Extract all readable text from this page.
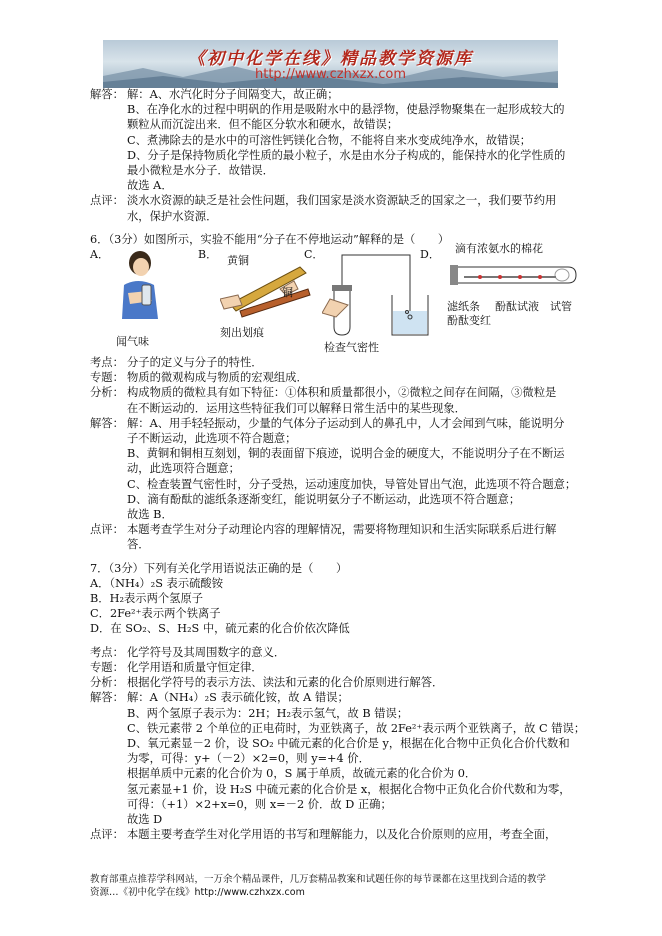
《初中化学在线》精品教学资源库
http://www.czhxzx.com
解答： 解：A、水汽化时分子间隔变大，故正确；
B、在净化水的过程中明矾的作用是吸附水中的悬浮物，使悬浮物聚集在一起形成较大的
颗粒从而沉淀出来．但不能区分软水和硬水，故错误；
C、煮沸除去的是水中的可溶性钙镁化合物，不能将自来水变成纯净水，故错误；
D、分子是保持物质化学性质的最小粒子，水是由水分子构成的，能保持水的化学性质的
最小微粒是水分子．故错误．
故选 A．
点评： 淡水水资源的缺乏是社会性问题，我们国家是淡水资源缺乏的国家之一，我们要节约用
水，保护水资源．
6．（3分）如图所示，实验不能用“分子在不停地运动”解释的是（　　）
A．
闻气味
B． 黄铜
铜
刻出划痕
C．
检查气密性
D． 滴有浓氨水的棉花
滤纸条 酚酞试液 试管
酚酞变红
考点： 分子的定义与分子的特性．
专题： 物质的微观构成与物质的宏观组成．
分析： 构成物质的微粒具有如下特征：①体积和质量都很小，②微粒之间存在间隔，③微粒是
在不断运动的．运用这些特征我们可以解释日常生活中的某些现象．
解答： 解：A、用手轻轻振动，少量的气体分子运动到人的鼻孔中，人才会闻到气味，能说明分
子不断运动，此选项不符合题意；
B、黄铜和铜相互刻划，铜的表面留下痕迹，说明合金的硬度大，不能说明分子在不断运
动，此选项符合题意；
C、检查装置气密性时，分子受热，运动速度加快，导管处冒出气泡，此选项不符合题意；
D、滴有酚酞的滤纸条逐渐变红，能说明氨分子不断运动，此选项不符合题意；
故选 B．
点评： 本题考查学生对分子动理论内容的理解情况，需要将物理知识和生活实际联系后进行解
答．
7．（3分）下列有关化学用语说法正确的是（　　）
A．（NH₄）₂S 表示硫酸铵
B．H₂表示两个氢原子
C．2Fe²⁺表示两个铁离子
D．在 SO₂、S、H₂S 中，硫元素的化合价依次降低
考点： 化学符号及其周围数字的意义．
专题： 化学用语和质量守恒定律．
分析： 根据化学符号的表示方法、读法和元素的化合价原则进行解答．
解答： 解：A（NH₄）₂S 表示硫化铵，故 A 错误；
B、两个氢原子表示为：2H；H₂表示氢气，故 B 错误；
C、铁元素带 2 个单位的正电荷时，为亚铁离子，故 2Fe²⁺表示两个亚铁离子，故 C 错误；
D、氧元素显－2 价，设 SO₂ 中硫元素的化合价是 y，根据在化合物中正负化合价代数和
为零，可得：y+（－2）×2=0，则 y=+4 价．
根据单质中元素的化合价为 0，S 属于单质，故硫元素的化合价为 0．
氢元素显+1 价，设 H₂S 中硫元素的化合价是 x，根据化合物中正负化合价代数和为零，
可得：（+1）×2+x=0，则 x=－2 价．故 D 正确；
故选 D
点评： 本题主要考查学生对化学用语的书写和理解能力，以及化合价原则的应用，考查全面，
教育部重点推荐学科网站，一万余个精品课件，几万套精品教案和试题任你的每节课都在这里找到合适的教学
资源…《初中化学在线》http://www.czhxzx.com
